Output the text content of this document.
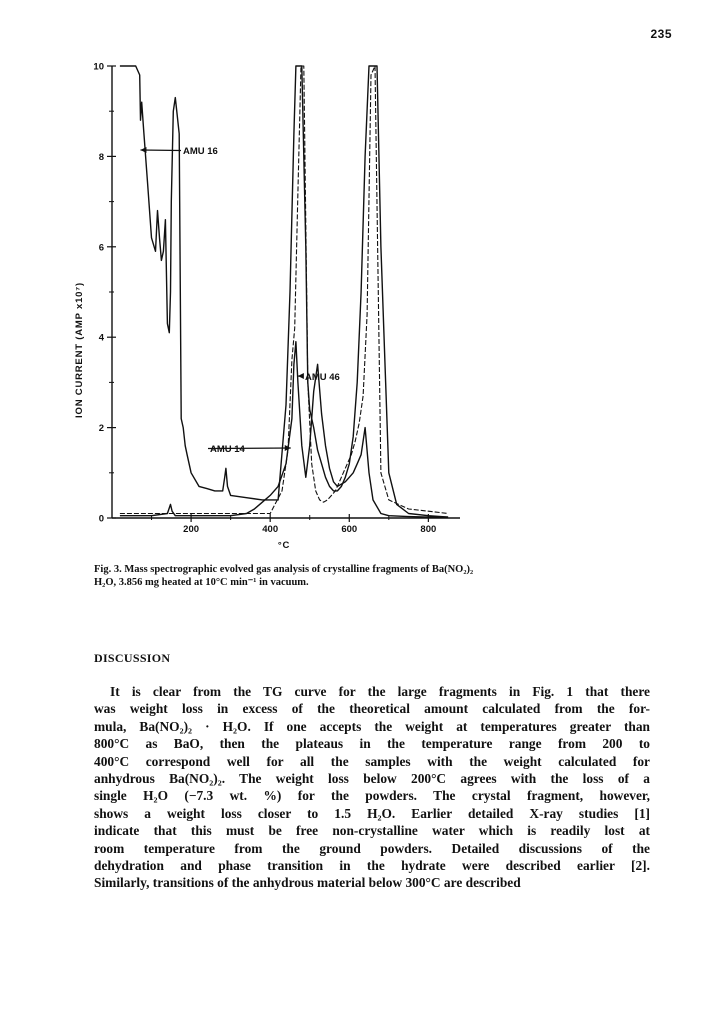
235
0
2
4
6
8
10
200	400	600	800
AMU 16
AMU 46
AMU 14
ION CURRENT (AMP x10⁷)
°C
Fig. 3. Mass spectrographic evolved gas analysis of crystalline fragments of Ba(NO₂)₂
H₂O, 3.856 mg heated at 10°C min⁻¹ in vacuum.
DISCUSSION
It is clear from the TG curve for the large fragments in Fig. 1 that there
was weight loss in excess of the theoretical amount calculated from the for-
mula, Ba(NO₂)₂ · H₂O. If one accepts the weight at temperatures greater than
800°C as BaO, then the plateaus in the temperature range from 200 to
400°C correspond well for all the samples with the weight calculated for
anhydrous Ba(NO₂)₂. The weight loss below 200°C agrees with the loss of a
single H₂O (−7.3 wt. %) for the powders. The crystal fragment, however,
shows a weight loss closer to 1.5 H₂O. Earlier detailed X-ray studies [1]
indicate that this must be free non-crystalline water which is readily lost at
room temperature from the ground powders. Detailed discussions of the
dehydration and phase transition in the hydrate were described earlier [2].
Similarly, transitions of the anhydrous material below 300°C are described
